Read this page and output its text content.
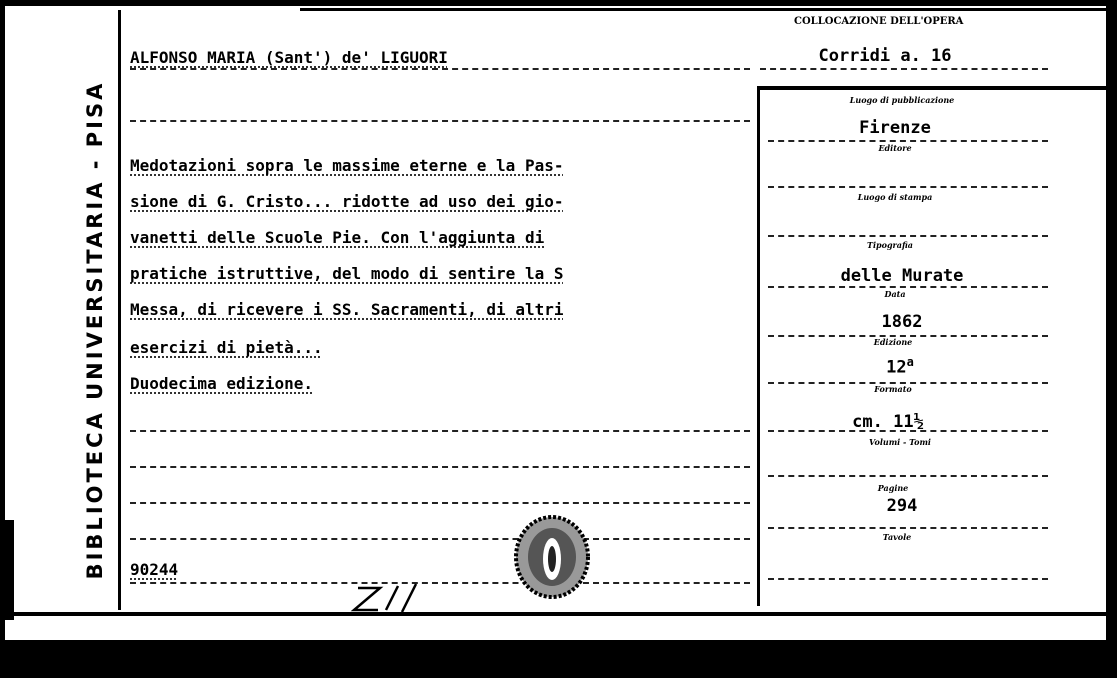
BIBLIOTECA UNIVERSITARIA - PISA
COLLOCAZIONE DELL'OPERA
ALFONSO MARIA (Sant') de' LIGUORI	Corridi a. 16
Medotazioni sopra le massime eterne e la Pas-
sione di G. Cristo... ridotte ad uso dei gio-
vanetti delle Scuole Pie. Con l'aggiunta di
pratiche istruttive, del modo di sentire la S
Messa, di ricevere i SS. Sacramenti, di altri
esercizi di pietà...
Duodecima edizione.
90244
Luogo di pubblicazione
Firenze
Editore
Luogo di stampa
Tipografia
delle Murate
Data
1862
Edizione
12$^a$
Formato
cm. 11½
Volumi - Tomi
Pagine
294
Tavole
